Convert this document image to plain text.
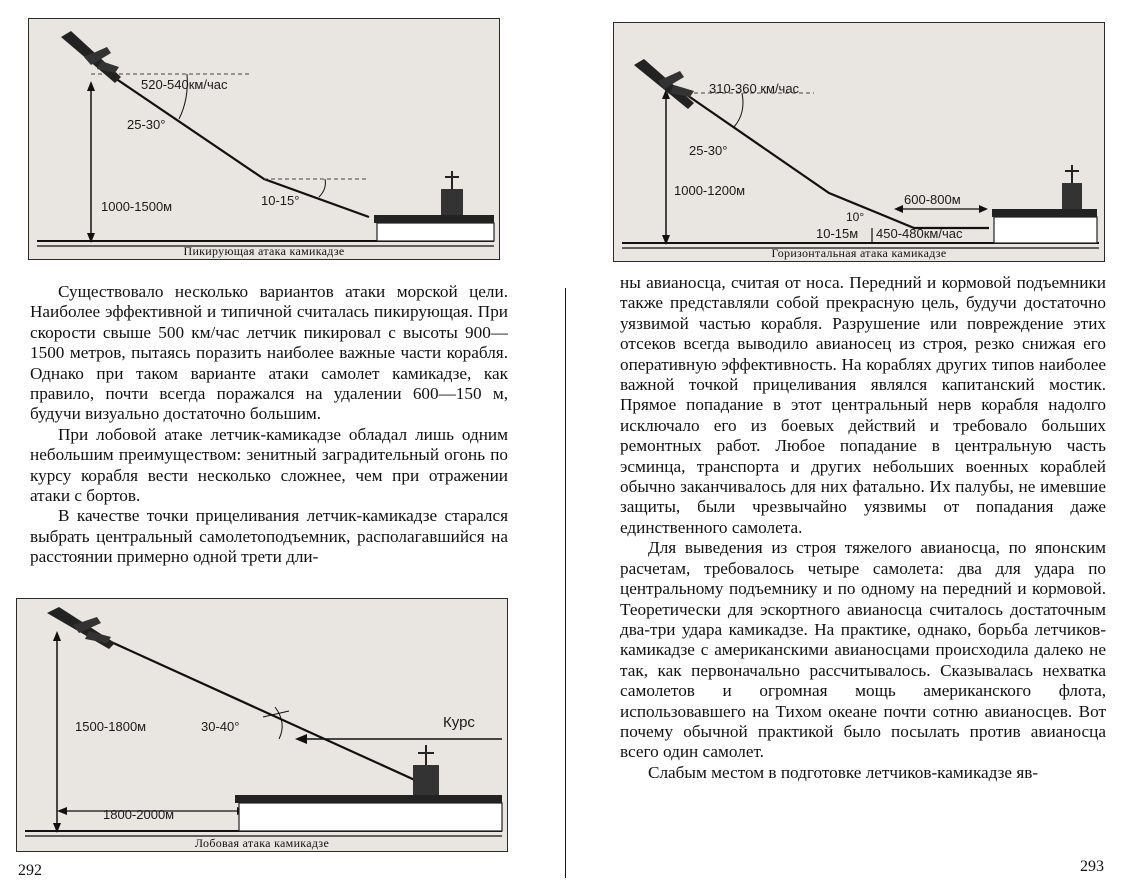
520-540км/час
25-30°
1000-1500м	10-15°
Пикирующая атака камикадзе
310-360 км/час
25-30°
1000-1200м
600-800м
10°
10-15м 450-480км/час
Горизонтальная атака камикадзе
1500-1800м	30-40°	Курс
1800-2000м
Лобовая атака камикадзе

Существовало несколько вариантов атаки морской цели. Наиболее эффективной и типичной считалась пикирующая. При скорости свыше 500 км/час летчик пикировал с высоты 900—1500 метров, пытаясь поразить наиболее важные части корабля. Однако при таком варианте атаки самолет камикадзе, как правило, почти всегда поражался на удалении 600—150 м, будучи визуально достаточно большим.

При лобовой атаке летчик-камикадзе обладал лишь одним небольшим преимуществом: зенитный заградительный огонь по курсу корабля вести несколько сложнее, чем при отражении атаки с бортов.

В качестве точки прицеливания летчик-камикадзе старался выбрать центральный самолетоподъемник, располагавшийся на расстоянии примерно одной трети дли-

ны авианосца, считая от носа. Передний и кормовой подъемники также представляли собой прекрасную цель, будучи достаточно уязвимой частью корабля. Разрушение или повреждение этих отсеков всегда выводило авианосец из строя, резко снижая его оперативную эффективность. На кораблях других типов наиболее важной точкой прицеливания являлся капитанский мостик. Прямое попадание в этот центральный нерв корабля надолго исключало его из боевых действий и требовало больших ремонтных работ. Любое попадание в центральную часть эсминца, транспорта и других небольших военных кораблей обычно заканчивалось для них фатально. Их палубы, не имевшие защиты, были чрезвычайно уязвимы от попадания даже единственного самолета.

Для выведения из строя тяжелого авианосца, по японским расчетам, требовалось четыре самолета: два для удара по центральному подъемнику и по одному на передний и кормовой. Теоретически для эскортного авианосца считалось достаточным два-три удара камикадзе. На практике, однако, борьба летчиков-камикадзе с американскими авианосцами происходила далеко не так, как первоначально рассчитывалось. Сказывалась нехватка самолетов и огромная мощь американского флота, использовавшего на Тихом океане почти сотню авианосцев. Вот почему обычной практикой было посылать против авианосца всего один самолет.

Слабым местом в подготовке летчиков-камикадзе яв-

292	293
